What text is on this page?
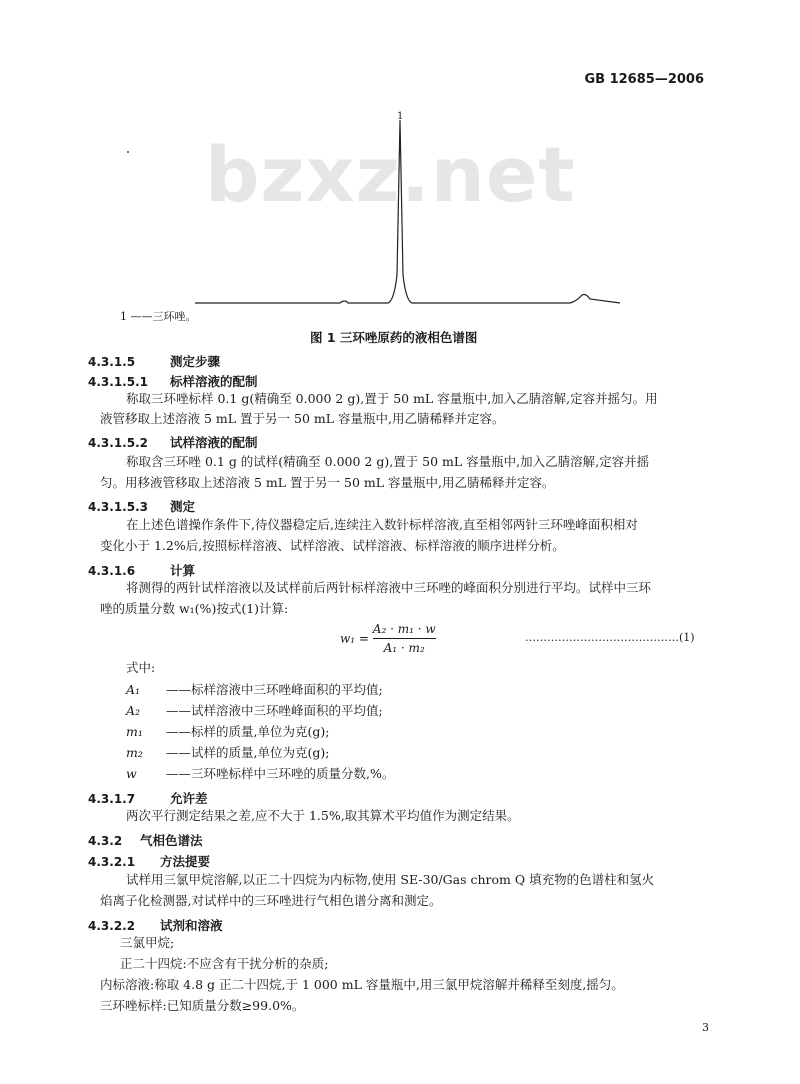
GB 12685—2006
bzxz.net
1
1 ——三环唑。
图 1 三环唑原药的液相色谱图
4.3.1.5	测定步骤
4.3.1.5.1 标样溶液的配制
称取三环唑标样 0.1 g(精确至 0.000 2 g),置于 50 mL 容量瓶中,加入乙腈溶解,定容并摇匀。用
液管移取上述溶液 5 mL 置于另一 50 mL 容量瓶中,用乙腈稀释并定容。
4.3.1.5.2 试样溶液的配制
称取含三环唑 0.1 g 的试样(精确至 0.000 2 g),置于 50 mL 容量瓶中,加入乙腈溶解,定容并摇
匀。用移液管移取上述溶液 5 mL 置于另一 50 mL 容量瓶中,用乙腈稀释并定容。
4.3.1.5.3 测定
在上述色谱操作条件下,待仪器稳定后,连续注入数针标样溶液,直至相邻两针三环唑峰面积相对
变化小于 1.2%后,按照标样溶液、试样溶液、试样溶液、标样溶液的顺序进样分析。
4.3.1.6	计算
将测得的两针试样溶液以及试样前后两针标样溶液中三环唑的峰面积分别进行平均。试样中三环
唑的质量分数 w₁(%)按式(1)计算:
$w_1 = \frac{\text{A₂ · m₁ · w}}{\text{A₁ · m₂}}$	……………………………………(1)
式中:
A₁ ——标样溶液中三环唑峰面积的平均值;
A₂ ——试样溶液中三环唑峰面积的平均值;
m₁ ——标样的质量,单位为克(g);
m₂ ——试样的质量,单位为克(g);
w ——三环唑标样中三环唑的质量分数,%。
4.3.1.7	允许差
两次平行测定结果之差,应不大于 1.5%,取其算术平均值作为测定结果。
4.3.2 气相色谱法
4.3.2.1 方法提要
试样用三氯甲烷溶解,以正二十四烷为内标物,使用 SE-30/Gas chrom Q 填充物的色谱柱和氢火
焰离子化检测器,对试样中的三环唑进行气相色谱分离和测定。
4.3.2.2 试剂和溶液
三氯甲烷;
正二十四烷:不应含有干扰分析的杂质;
内标溶液:称取 4.8 g 正二十四烷,于 1 000 mL 容量瓶中,用三氯甲烷溶解并稀释至刻度,摇匀。
三环唑标样:已知质量分数≥99.0%。
3
